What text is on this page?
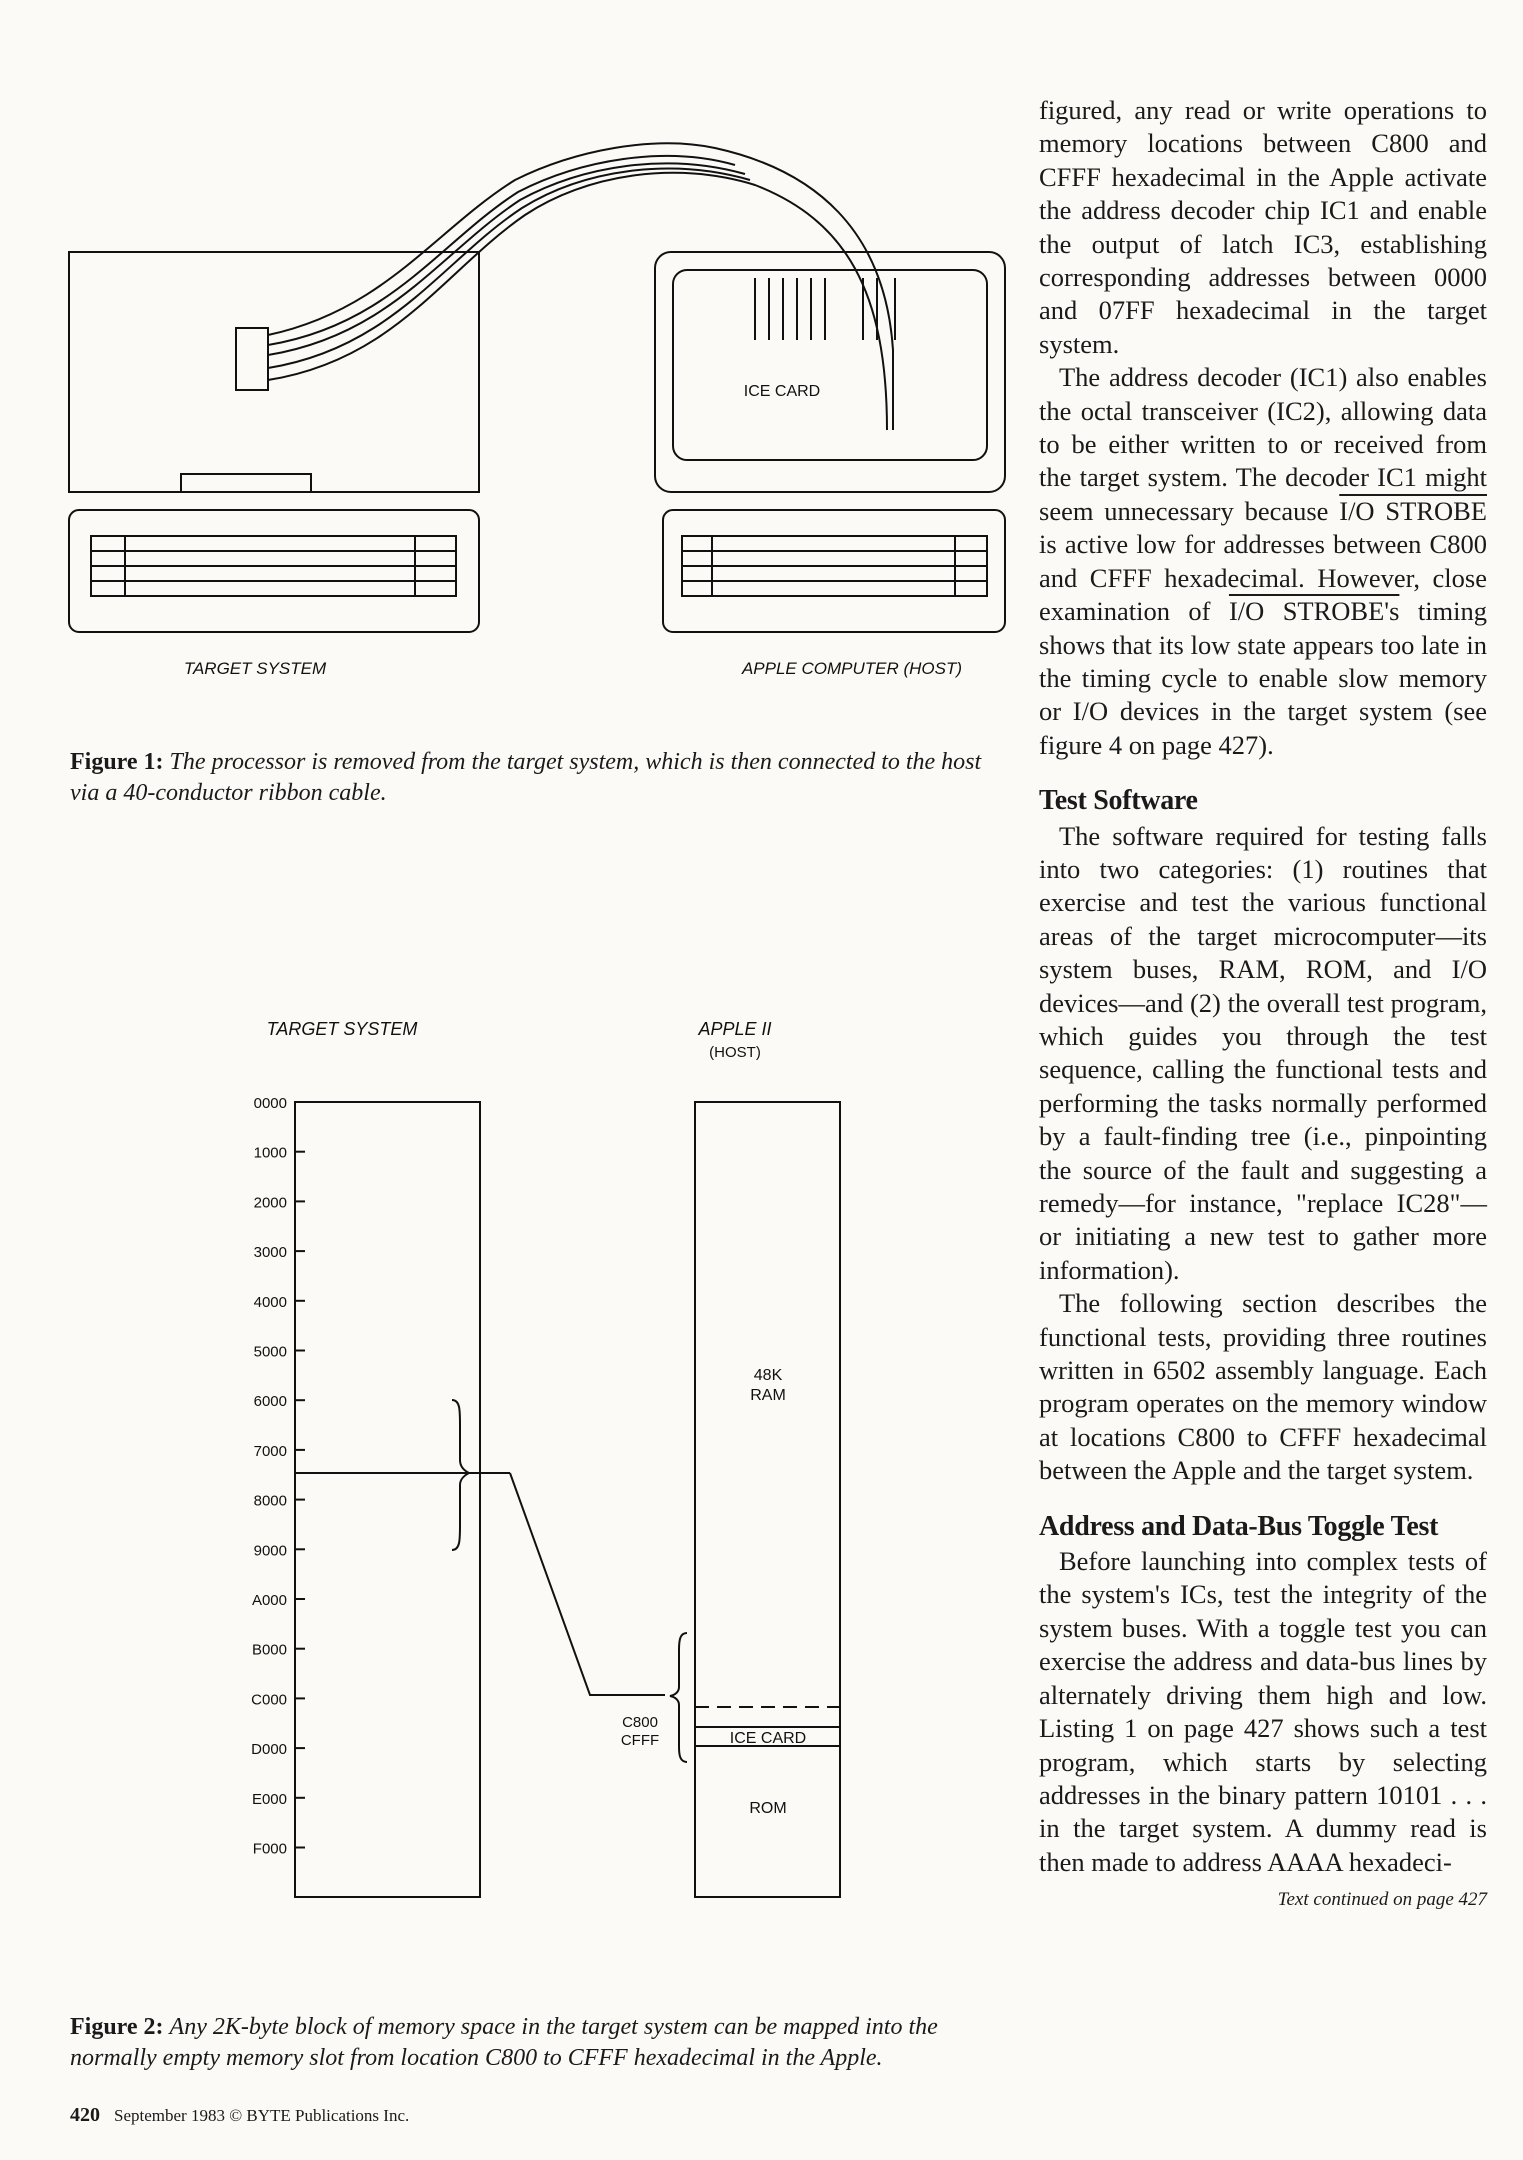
ICE CARD
TARGET SYSTEM	APPLE COMPUTER (HOST)
Figure 1: The processor is removed from the target system, which is then connected to the host via a 40-conductor ribbon cable.
TARGET SYSTEM	APPLE II
(HOST)
0000
1000
2000
3000
4000
5000
6000
7000
8000
9000
A000
B000
C000
D000
E000
F000
48K
RAM
ICE CARD
ROM
C800
CFFF
Figure 2: Any 2K-byte block of memory space in the target system can be mapped into the normally empty memory slot from location C800 to CFFF hexadecimal in the Apple.

figured, any read or write operations to memory locations between C800 and CFFF hexadecimal in the Apple activate the address decoder chip IC1 and enable the output of latch IC3, establishing corresponding addresses between 0000 and 07FF hexadecimal in the target system.

The address decoder (IC1) also enables the octal transceiver (IC2), allowing data to be either written to or received from the target system. The decoder IC1 might seem unnecessary because I/O STROBE is active low for addresses between C800 and CFFF hexadecimal. However, close examination of I/O STROBE's timing shows that its low state appears too late in the timing cycle to enable slow memory or I/O devices in the target system (see figure 4 on page 427).

Test Software

The software required for testing falls into two categories: (1) routines that exercise and test the various functional areas of the target microcomputer—its system buses, RAM, ROM, and I/O devices—and (2) the overall test program, which guides you through the test sequence, calling the functional tests and performing the tasks normally performed by a fault-finding tree (i.e., pinpointing the source of the fault and suggesting a remedy—for instance, "replace IC28"—or initiating a new test to gather more information).

The following section describes the functional tests, providing three routines written in 6502 assembly language. Each program operates on the memory window at locations C800 to CFFF hexadecimal between the Apple and the target system.

Address and Data-Bus Toggle Test

Before launching into complex tests of the system's ICs, test the integrity of the system buses. With a toggle test you can exercise the address and data-bus lines by alternately driving them high and low. Listing 1 on page 427 shows such a test program, which starts by selecting addresses in the binary pattern 10101 . . . in the target system. A dummy read is then made to address AAAA hexadeci-

Text continued on page 427
420 September 1983 © BYTE Publications Inc.
